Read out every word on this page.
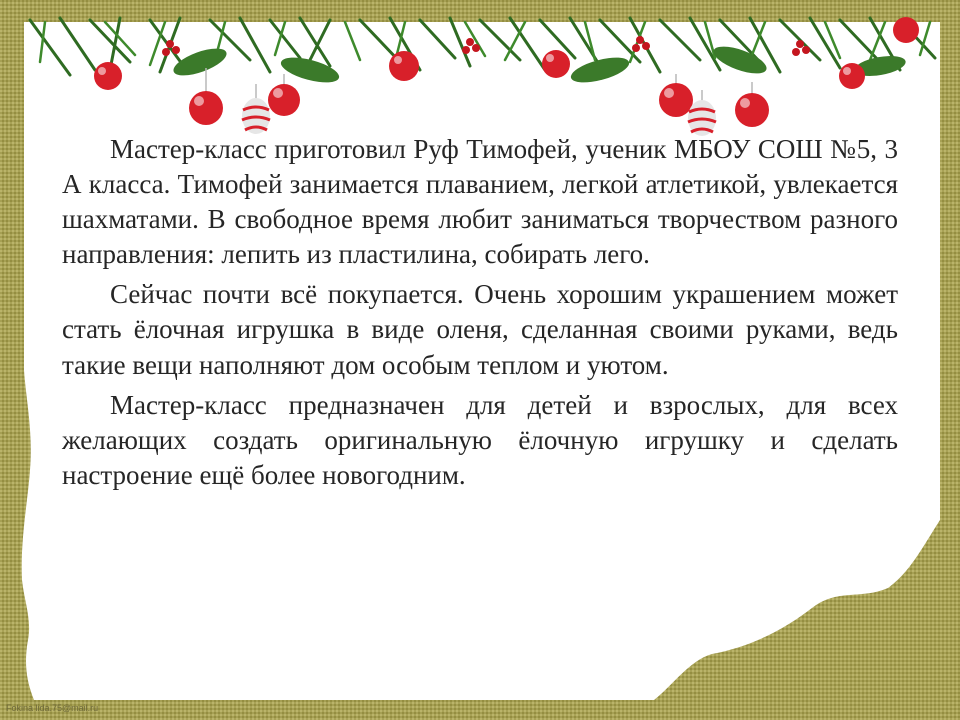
Мастер-класс приготовил Руф Тимофей, ученик МБОУ СОШ №5, 3 А класса. Тимофей занимается плаванием, легкой атлетикой, увлекается шахматами. В свободное время любит заниматься творчеством разного направления: лепить из пластилина, собирать лего.

Сейчас почти всё покупается. Очень хорошим украшением может стать ёлочная игрушка в виде оленя, сделанная своими руками, ведь такие вещи наполняют дом особым теплом и уютом.

Мастер-класс предназначен для детей и взрослых, для всех желающих создать оригинальную ёлочную игрушку и сделать настроение ещё более новогодним.

Fokina lida.75@mail.ru
